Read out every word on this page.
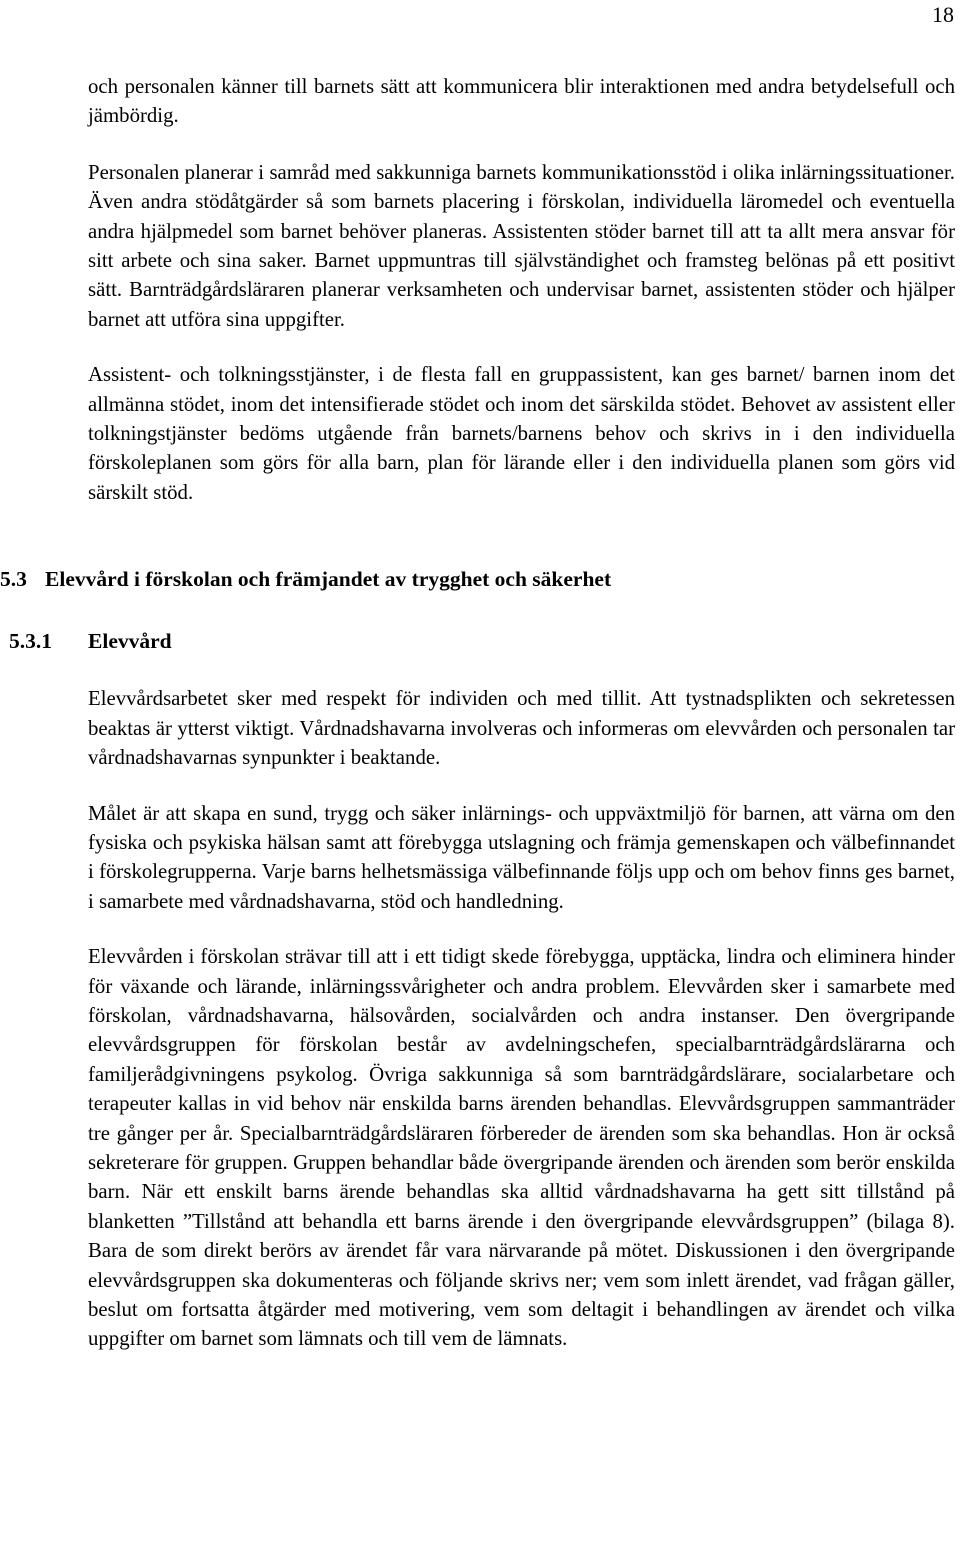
18

och personalen känner till barnets sätt att kommunicera blir interaktionen med andra betydelsefull och jämbördig.

Personalen planerar i samråd med sakkunniga barnets kommunikationsstöd i olika inlärningssituationer. Även andra stödåtgärder så som barnets placering i förskolan, individuella läromedel och eventuella andra hjälpmedel som barnet behöver planeras. Assistenten stöder barnet till att ta allt mera ansvar för sitt arbete och sina saker. Barnet uppmuntras till självständighet och framsteg belönas på ett positivt sätt. Barnträdgårdsläraren planerar verksamheten och undervisar barnet, assistenten stöder och hjälper barnet att utföra sina uppgifter.

Assistent- och tolkningsstjänster, i de flesta fall en gruppassistent, kan ges barnet/ barnen inom det allmänna stödet, inom det intensifierade stödet och inom det särskilda stödet. Behovet av assistent eller tolkningstjänster bedöms utgående från barnets/barnens behov och skrivs in i den individuella förskoleplanen som görs för alla barn, plan för lärande eller i den individuella planen som görs vid särskilt stöd.

5.3 Elevvård i förskolan och främjandet av trygghet och säkerhet
5.3.1 Elevvård

Elevvårdsarbetet sker med respekt för individen och med tillit. Att tystnadsplikten och sekretessen beaktas är ytterst viktigt. Vårdnadshavarna involveras och informeras om elevvården och personalen tar vårdnadshavarnas synpunkter i beaktande.

Målet är att skapa en sund, trygg och säker inlärnings- och uppväxtmiljö för barnen, att värna om den fysiska och psykiska hälsan samt att förebygga utslagning och främja gemenskapen och välbefinnandet i förskolegrupperna. Varje barns helhetsmässiga välbefinnande följs upp och om behov finns ges barnet, i samarbete med vårdnadshavarna, stöd och handledning.

Elevvården i förskolan strävar till att i ett tidigt skede förebygga, upptäcka, lindra och eliminera hinder för växande och lärande, inlärningssvårigheter och andra problem. Elevvården sker i samarbete med förskolan, vårdnadshavarna, hälsovården, socialvården och andra instanser. Den övergripande elevvårdsgruppen för förskolan består av avdelningschefen, specialbarnträdgårdslärarna och familjerådgivningens psykolog. Övriga sakkunniga så som barnträdgårdslärare, socialarbetare och terapeuter kallas in vid behov när enskilda barns ärenden behandlas. Elevvårdsgruppen sammanträder tre gånger per år. Specialbarnträdgårdsläraren förbereder de ärenden som ska behandlas. Hon är också sekreterare för gruppen. Gruppen behandlar både övergripande ärenden och ärenden som berör enskilda barn. När ett enskilt barns ärende behandlas ska alltid vårdnadshavarna ha gett sitt tillstånd på blanketten ”Tillstånd att behandla ett barns ärende i den övergripande elevvårdsgruppen” (bilaga 8). Bara de som direkt berörs av ärendet får vara närvarande på mötet. Diskussionen i den övergripande elevvårdsgruppen ska dokumenteras och följande skrivs ner; vem som inlett ärendet, vad frågan gäller, beslut om fortsatta åtgärder med motivering, vem som deltagit i behandlingen av ärendet och vilka uppgifter om barnet som lämnats och till vem de lämnats.
